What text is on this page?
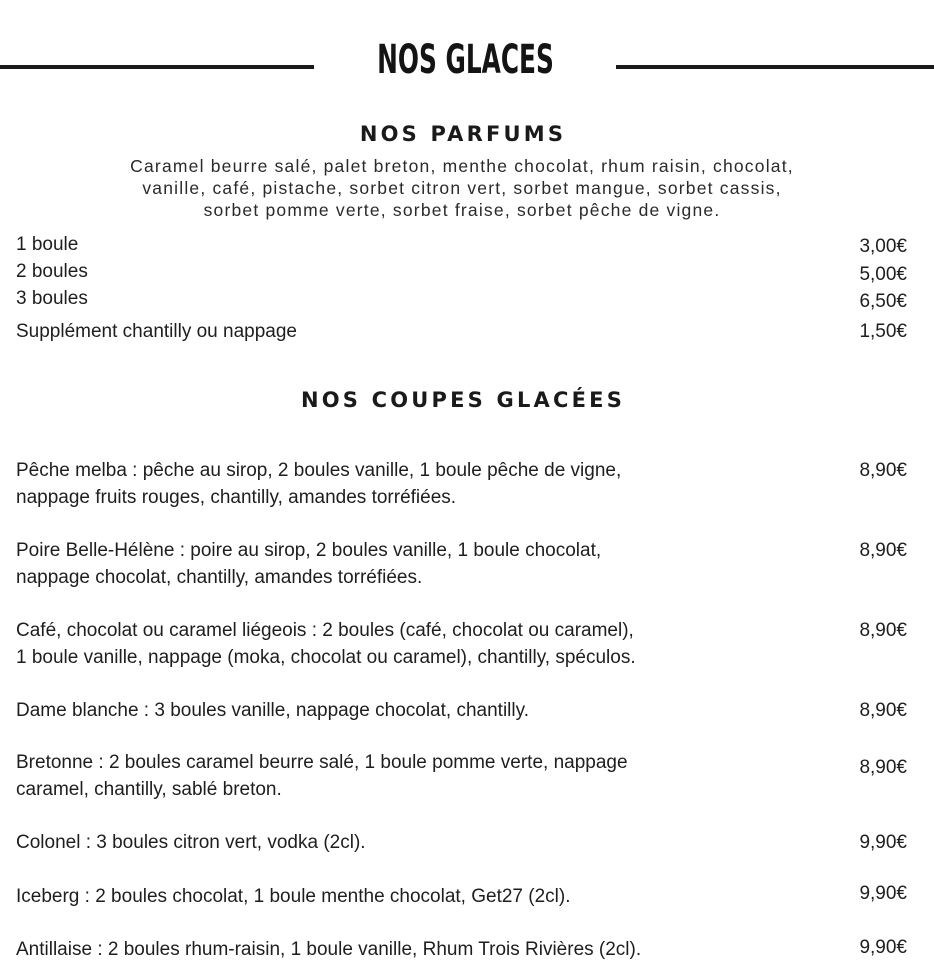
NOS GLACES
NOS PARFUMS

Caramel beurre salé, palet breton, menthe chocolat, rhum raisin, chocolat,
vanille, café, pistache, sorbet citron vert, sorbet mangue, sorbet cassis,
sorbet pomme verte, sorbet fraise, sorbet pêche de vigne.

1 boule	3,00€
2 boules	5,00€
3 boules	6,50€
Supplément chantilly ou nappage	1,50€
NOS COUPES GLACÉES
Pêche melba : pêche au sirop, 2 boules vanille, 1 boule pêche de vigne,
nappage fruits rouges, chantilly, amandes torréfiées.
8,90€
Poire Belle-Hélène : poire au sirop, 2 boules vanille, 1 boule chocolat,
nappage chocolat, chantilly, amandes torréfiées.
8,90€
Café, chocolat ou caramel liégeois : 2 boules (café, chocolat ou caramel),
1 boule vanille, nappage (moka, chocolat ou caramel), chantilly, spéculos.
8,90€
Dame blanche : 3 boules vanille, nappage chocolat, chantilly.	8,90€
Bretonne : 2 boules caramel beurre salé, 1 boule pomme verte, nappage
caramel, chantilly, sablé breton.
8,90€
Colonel : 3 boules citron vert, vodka (2cl).	9,90€
Iceberg : 2 boules chocolat, 1 boule menthe chocolat, Get27 (2cl).	9,90€
Antillaise : 2 boules rhum-raisin, 1 boule vanille, Rhum Trois Rivières (2cl).	9,90€
